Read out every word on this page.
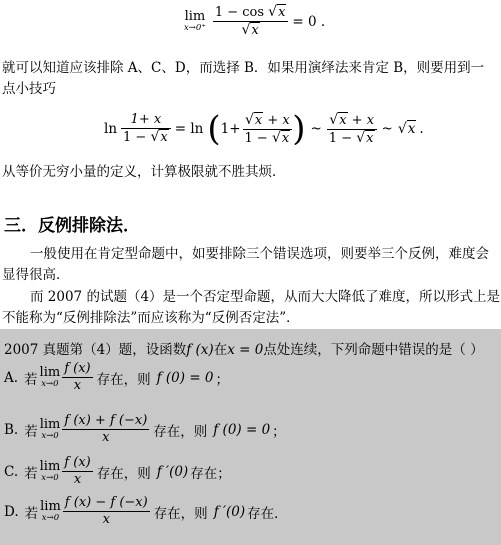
lim
$x\to 0^+ \frac{1 - \cos √x}{√x} = 0$ .
就可以知道应该排除 A、C、D，而选择 B．如果用演绎法来肯定 B，则要用到一
点小技巧
$\ln \frac{1+ x}{1 - √x} = \ln$ ( $1+ \frac{√x + x}{1 - √x}$ ) ~ $\frac{√x + x}{1 - √x}$ ~ √x .
从等价无穷小量的定义，计算极限就不胜其烦．
三．反例排除法．
一般使用在肯定型命题中，如要排除三个错误选项，则要举三个反例，难度会
显得很高．
而 2007 的试题（4）是一个否定型命题，从而大大降低了难度，所以形式上是
不能称为“反例排除法”而应该称为“反例否定法”．
2007 真题第（4）题，设函数f (x)在x = 0点处连续，下列命题中错误的是（ ）
A. 若 lim
$x\to 0 \frac{f (x)}{x}$ 存在，则 f (0) = 0 ；
B. 若 lim
$x\to 0 \frac{f (x) + f (-x)}{x}$ 存在，则 f (0) = 0 ；
C. 若 lim
$x\to 0 \frac{f (x)}{x}$ 存在，则 f ′(0) 存在；
D. 若 lim
$x\to 0 \frac{f (x) - f (-x)}{x}$ 存在，则 f ′(0) 存在．
